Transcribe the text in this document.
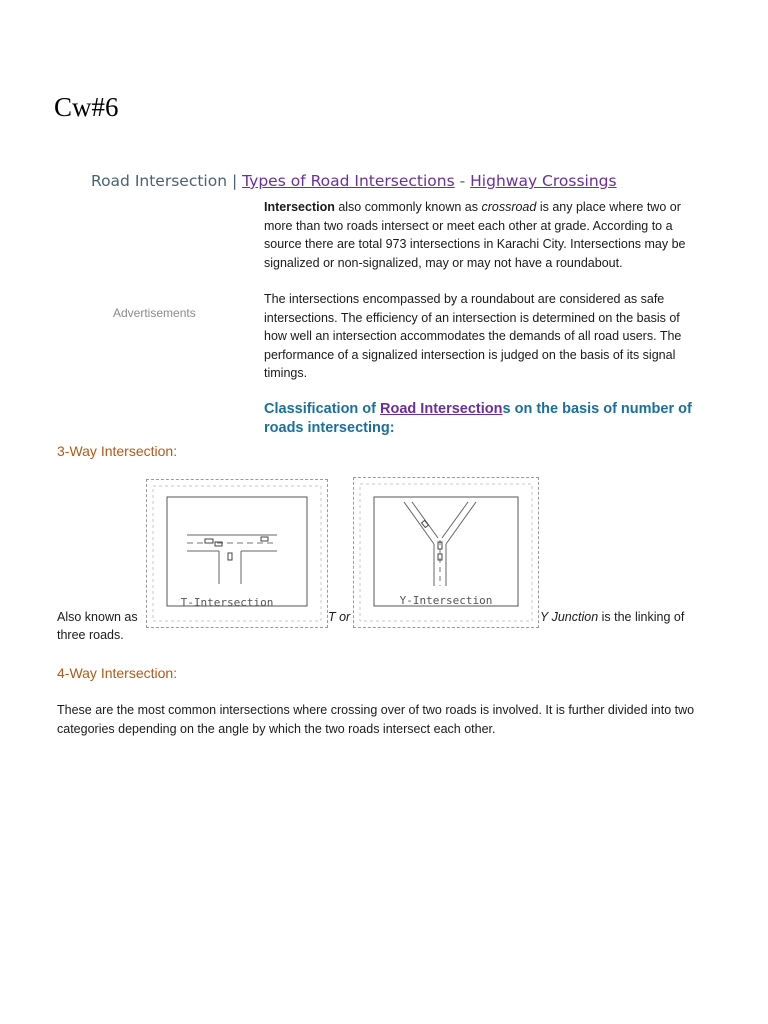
Cw#6
Road Intersection | Types of Road Intersections - Highway Crossings
Advertisements
Intersection also commonly known as crossroad is any place where two or more than two roads intersect or meet each other at grade. According to a source there are total 973 intersections in Karachi City. Intersections may be signalized or non-signalized, may or may not have a roundabout.
The intersections encompassed by a roundabout are considered as safe intersections. The efficiency of an intersection is determined on the basis of how well an intersection accommodates the demands of all road users. The performance of a signalized intersection is judged on the basis of its signal timings.
Classification of Road Intersections on the basis of number of roads intersecting:
3-Way Intersection:
T-Intersection	Y-Intersection
Also known as	T or	Y Junction is the linking of
three roads.
4-Way Intersection:
These are the most common intersections where crossing over of two roads is involved. It is further divided into two categories depending on the angle by which the two roads intersect each other.
